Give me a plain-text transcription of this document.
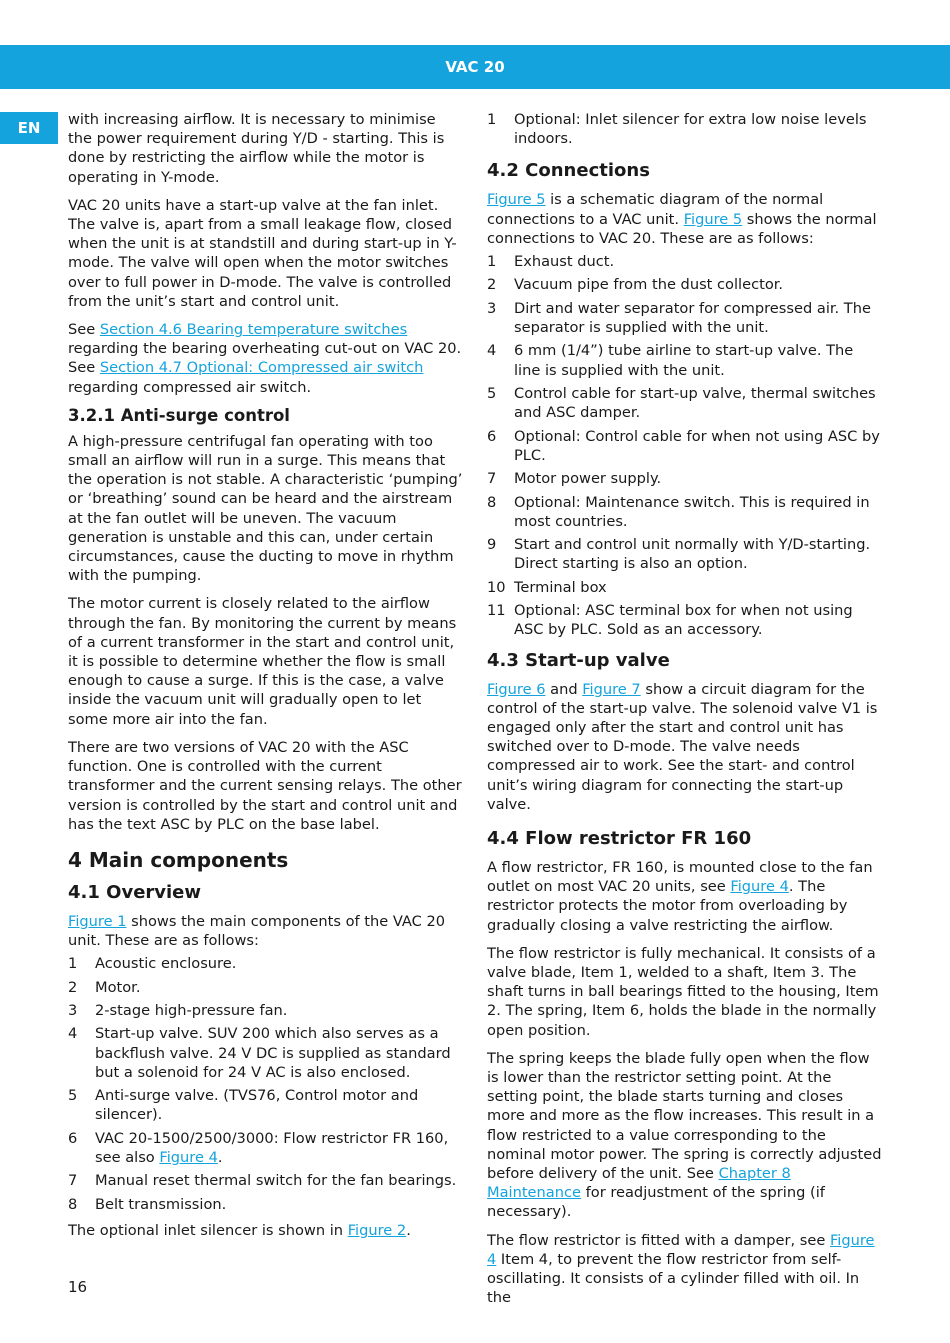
VAC 20
EN	with increasing airflow. It is necessary to minimise the power requirement during Y/D - starting. This is done by restricting the airflow while the motor is operating in Y-mode.

VAC 20 units have a start-up valve at the fan inlet. The valve is, apart from a small leakage flow, closed when the unit is at standstill and during start-up in Y-mode. The valve will open when the motor switches over to full power in D-mode. The valve is controlled from the unit’s start and control unit.

See Section 4.6 Bearing temperature switches regarding the bearing overheating cut-out on VAC 20. See Section 4.7 Optional: Compressed air switch regarding compressed air switch.

3.2.1 Anti-surge control

A high-pressure centrifugal fan operating with too small an airflow will run in a surge. This means that the operation is not stable. A characteristic ‘pumping’ or ‘breathing’ sound can be heard and the airstream at the fan outlet will be uneven. The vacuum generation is unstable and this can, under certain circumstances, cause the ducting to move in rhythm with the pumping.

The motor current is closely related to the airflow through the fan. By monitoring the current by means of a current transformer in the start and control unit, it is possible to determine whether the flow is small enough to cause a surge. If this is the case, a valve inside the vacuum unit will gradually open to let some more air into the fan.

There are two versions of VAC 20 with the ASC function. One is controlled with the current transformer and the current sensing relays. The other version is controlled by the start and control unit and has the text ASC by PLC on the base label.

4 Main components
4.1 Overview

Figure 1 shows the main components of the VAC 20 unit. These are as follows:

1	Acoustic enclosure.
2	Motor.
3	2-stage high-pressure fan.
4	Start-up valve. SUV 200 which also serves as a backflush valve. 24 V DC is supplied as standard but a solenoid for 24 V AC is also enclosed.
5	Anti-surge valve. (TVS76, Control motor and silencer).
6	VAC 20-1500/2500/3000: Flow restrictor FR 160, see also Figure 4.
7	Manual reset thermal switch for the fan bearings.
8	Belt transmission.

The optional inlet silencer is shown in Figure 2.

1	Optional: Inlet silencer for extra low noise levels indoors.
4.2 Connections

Figure 5 is a schematic diagram of the normal connections to a VAC unit. Figure 5 shows the normal connections to VAC 20. These are as follows:

1	Exhaust duct.
2	Vacuum pipe from the dust collector.
3	Dirt and water separator for compressed air. The separator is supplied with the unit.
4	6 mm (1/4”) tube airline to start-up valve. The line is supplied with the unit.
5	Control cable for start-up valve, thermal switches and ASC damper.
6	Optional: Control cable for when not using ASC by PLC.
7	Motor power supply.
8	Optional: Maintenance switch. This is required in most countries.
9	Start and control unit normally with Y/D-starting. Direct starting is also an option.
10 Terminal box
11 Optional: ASC terminal box for when not using ASC by PLC. Sold as an accessory.
4.3 Start-up valve

Figure 6 and Figure 7 show a circuit diagram for the control of the start-up valve. The solenoid valve V1 is engaged only after the start and control unit has switched over to D-mode. The valve needs compressed air to work. See the start- and control unit’s wiring diagram for connecting the start-up valve.

4.4 Flow restrictor FR 160

A flow restrictor, FR 160, is mounted close to the fan outlet on most VAC 20 units, see Figure 4. The restrictor protects the motor from overloading by gradually closing a valve restricting the airflow.

The flow restrictor is fully mechanical. It consists of a valve blade, Item 1, welded to a shaft, Item 3. The shaft turns in ball bearings fitted to the housing, Item 2. The spring, Item 6, holds the blade in the normally open position.

The spring keeps the blade fully open when the flow is lower than the restrictor setting point. At the setting point, the blade starts turning and closes more and more as the flow increases. This result in a flow restricted to a value corresponding to the nominal motor power. The spring is correctly adjusted before delivery of the unit. See Chapter 8 Maintenance for readjustment of the spring (if necessary).

The flow restrictor is fitted with a damper, see Figure 4 Item 4, to prevent the flow restrictor from self-oscillating. It consists of a cylinder filled with oil. In the

16
